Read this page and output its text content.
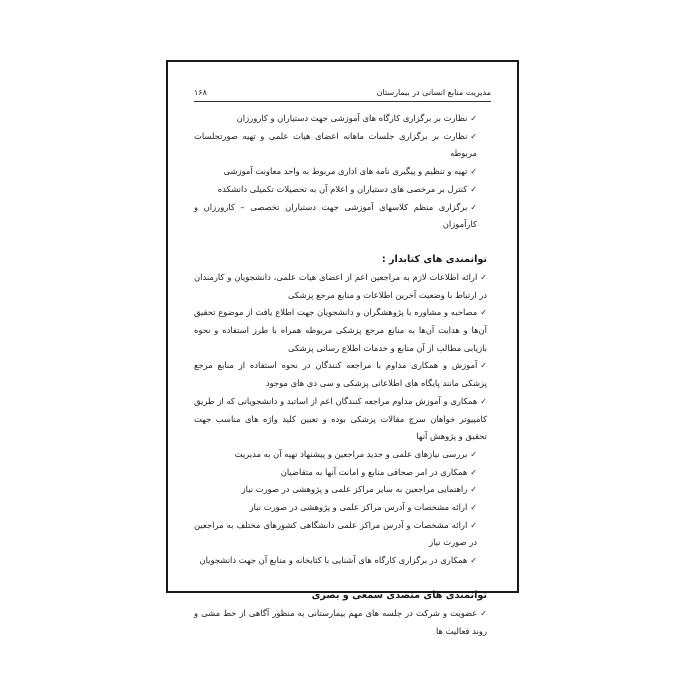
۱۶۸	مدیریت منابع انسانی در بیمارستان

✓نظارت بر برگزاری کارگاه های آموزشی جهت دستیاران و کارورزان

✓نظارت بر برگزاری جلسات ماهانه اعضای هیات علمی و تهیه صورتجلسات مربوطه

✓تهیه و تنظیم و پیگیری نامه های اداری مربوط به واحد معاونت آموزشی

✓کنترل بر مرخصی های دستیاران و اعلام آن به تحصیلات تکمیلی دانشکده

✓برگزاری منظم کلاسهای آموزشی جهت دستیاران تخصصی – کارورزان و کارآموزان

توانمندی های کتابدار :

✓ارائه اطلاعات لازم به مراجعین اعم از اعضای هیات علمی، دانشجویان و کارمندان در ارتباط با وضعیت آخرین اطلاعات و منابع مرجع پزشکی

✓مصاحبه و مشاوره با پژوهشگران و دانشجویان جهت اطلاع یافت از موضوع تحقیق آن‌ها و هدایت آن‌ها به منابع مرجع پزشکی مربوطه همراه با طرز استفاده و نحوه بازیابی مطالب از آن منابع و خدمات اطلاع رسانی پزشکی

✓آموزش و همکاری مداوم با مراجعه کنندگان در نحوه استفاده از منابع مرجع پزشکی مانند پایگاه های اطلاعاتی پزشکی و سی دی های موجود

✓همکاری و آموزش مداوم مراجعه کنندگان اعم از اساتید و دانشجویانی که از طریق کامپیوتر خواهان سرچ مقالات پزشکی بوده و تعیین کلید واژه های مناسب جهت تحقیق و پژوهش آنها

✓بررسی نیازهای علمی و جدید مراجعین و پیشنهاد تهیه آن به مدیریت

✓همکاری در امر صحافی منابع و امانت آنها به متقاضیان

✓راهنمایی مراجعین به سایر مراکز علمی و پژوهشی در صورت نیاز

✓ارائه مشخصات و آدرس مراکز علمی و پژوهشی در صورت نیاز

✓ارائه مشخصات و آدرس مراکز علمی دانشگاهی کشورهای مختلف به مراجعین در صورت نیاز

✓همکاری در برگزاری کارگاه های آشنایی با کتابخانه و منابع آن جهت دانشجویان

توانمندی های متصدی سمعی و بصری

✓عضویت و شرکت در جلسه های مهم بیمارستانی به منظور آگاهی از خط مشی و روند فعالیت ها
